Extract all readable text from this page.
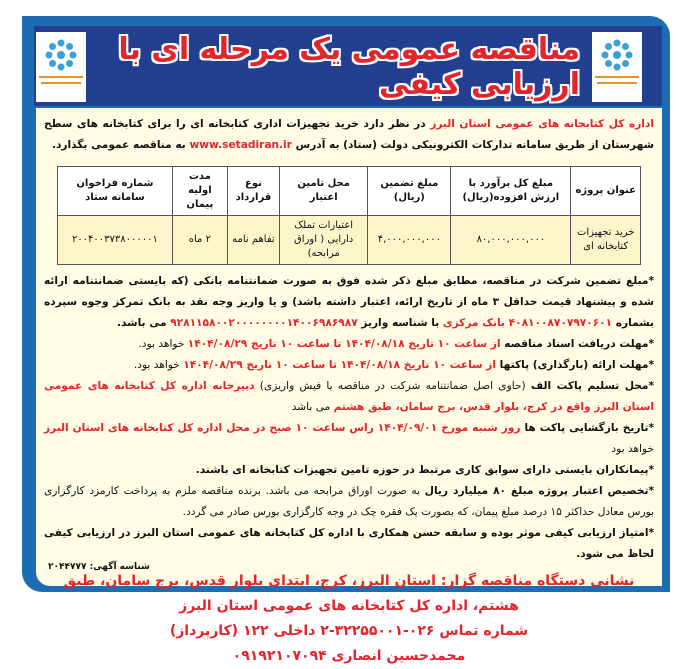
مناقصه عمومی یک مرحله ای با ارزیابی کیفی
اداره کل کتابخانه های عمومی استان البرز در نظر دارد خرید تجهیزات اداری کتابخانه ای را برای کتابخانه های سطح شهرستان از طریق سامانه تدارکات الکترونیکی دولت (ستاد) به آدرس www.setadiran.ir به مناقصه عمومی بگذارد.
عنوان پروژه	مبلغ کل برآورد با ارزش افزوده(ریال)	مبلغ تضمین (ریال)	محل تامین اعتبار	نوع قرارداد	مدت اولیه پیمان	شماره فراخوان سامانه ستاد
خرید تجهیزات کتابخانه ای	۸۰,۰۰۰,۰۰۰,۰۰۰	۴,۰۰۰,۰۰۰,۰۰۰	اعتبارات تملک دارایی ( اوراق مرابحه)	تفاهم نامه	۲ ماه	۲۰۰۴۰۰۳۷۳۸۰۰۰۰۰۱
*مبلغ تضمین شرکت در مناقصه، مطابق مبلغ ذکر شده فوق به صورت ضمانتنامه بانکی (که بایستی ضمانتنامه ارائه شده و پیشنهاد قیمت حداقل ۳ ماه از تاریخ ارائه، اعتبار داشته باشد) و یا واریز وجه نقد به بانک تمرکز وجوه سپرده بشماره ۴۰۸۱۰۰۸۷۰۷۹۷۰۶۰۱ بانک مرکزی با شناسه واریز ۹۲۸۱۱۵۸۰۰۲۰۰۰۰۰۰۰۰۱۴۰۰۶۹۸۶۹۸۷ می باشد.
*مهلت دریافت اسناد مناقصه از ساعت ۱۰ تاریخ ۱۴۰۴/۰۸/۱۸ تا ساعت ۱۰ تاریخ ۱۴۰۴/۰۸/۲۹ خواهد بود.
*مهلت ارائه (بارگذاری) پاکتها از ساعت ۱۰ تاریخ ۱۴۰۴/۰۸/۱۸ تا ساعت ۱۰ تاریخ ۱۴۰۴/۰۸/۲۹ خواهد بود.
*محل تسلیم پاکت الف (حاوی اصل ضمانتنامه شرکت در مناقصه یا فیش واریزی) دبیرخانه اداره کل کتابخانه های عمومی استان البرز واقع در کرج، بلوار قدس، برج سامان، طبق هشتم می باشد
*تاریخ بازگشایی پاکت ها روز شنبه مورخ ۱۴۰۴/۰۹/۰۱ راس ساعت ۱۰ صبح در محل اداره کل کتابخانه های استان البرز خواهد بود
*پیمانکاران بایستی دارای سوابق کاری مرتبط در حوزه تامین تجهیزات کتابخانه ای باشند.
*تخصیص اعتبار پروژه مبلغ ۸۰ میلیارد ریال به صورت اوراق مرابحه می باشد. برنده مناقصه ملزم به پرداخت کارمزد کارگزاری بورس معادل حداکثر ۱۵ درصد مبلغ پیمان، که بصورت یک فقره چک در وجه کارگزاری بورس صادر می گردد.
*امتیاز ارزیابی کیفی موثر بوده و سابقه حسن همکاری با اداره کل کتابخانه های عمومی استان البرز در ارزیابی کیفی لحاظ می شود.
نشانی دستگاه مناقصه گزار: استان البرز، کرج، ابتدای بلوار قدس، برج سامان، طبق هشتم، اداره کل کتابخانه های عمومی استان البرز
شماره تماس ۰۲۶-۳۲۲۵۵۰۰۱-۲ داخلی ۱۲۲ (کارپرداز)
محمدحسین انصاری ۰۹۱۹۲۱۰۷۰۹۴
شناسه آگهی: ۲۰۴۴۷۷۷
